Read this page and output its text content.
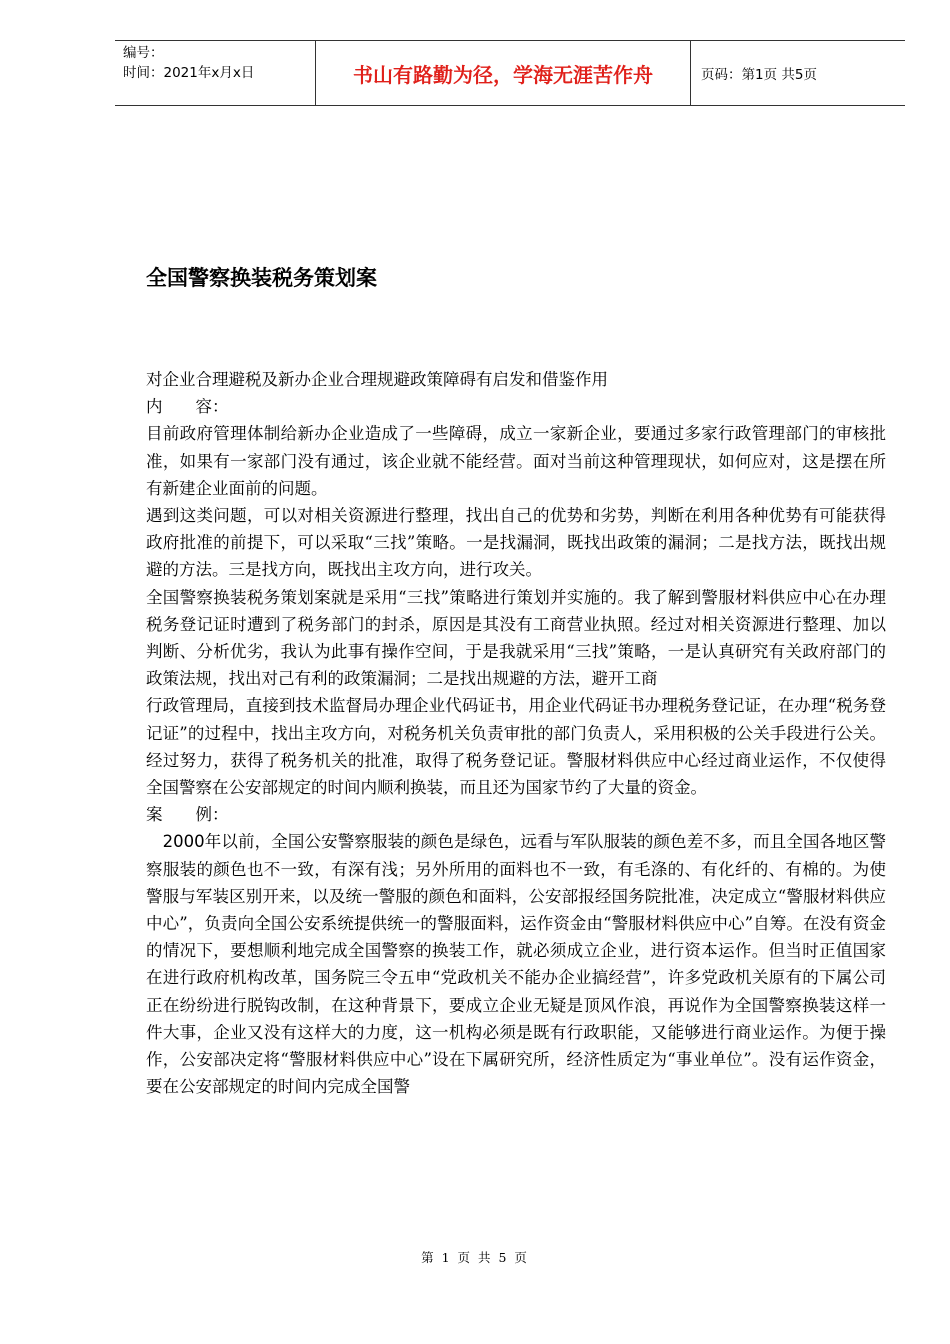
编号：
时间：2021年x月x日	书山有路勤为径，学海无涯苦作舟	页码：第1页 共5页
全国警察换装税务策划案

对企业合理避税及新办企业合理规避政策障碍有启发和借鉴作用

内　　容：

目前政府管理体制给新办企业造成了一些障碍，成立一家新企业，要通过多家行政管理部门的审核批准，如果有一家部门没有通过，该企业就不能经营。面对当前这种管理现状，如何应对，这是摆在所有新建企业面前的问题。

遇到这类问题，可以对相关资源进行整理，找出自己的优势和劣势，判断在利用各种优势有可能获得政府批准的前提下，可以采取“三找”策略。一是找漏洞，既找出政策的漏洞；二是找方法，既找出规避的方法。三是找方向，既找出主攻方向，进行攻关。

全国警察换装税务策划案就是采用“三找”策略进行策划并实施的。我了解到警服材料供应中心在办理税务登记证时遭到了税务部门的封杀，原因是其没有工商营业执照。经过对相关资源进行整理、加以判断、分析优劣，我认为此事有操作空间，于是我就采用“三找”策略，一是认真研究有关政府部门的政策法规，找出对己有利的政策漏洞；二是找出规避的方法，避开工商

行政管理局，直接到技术监督局办理企业代码证书，用企业代码证书办理税务登记证，在办理“税务登记证”的过程中，找出主攻方向，对税务机关负责审批的部门负责人，采用积极的公关手段进行公关。经过努力，获得了税务机关的批准，取得了税务登记证。警服材料供应中心经过商业运作，不仅使得全国警察在公安部规定的时间内顺利换装，而且还为国家节约了大量的资金。

案　　例：

　2000年以前，全国公安警察服装的颜色是绿色，远看与军队服装的颜色差不多，而且全国各地区警察服装的颜色也不一致，有深有浅；另外所用的面料也不一致，有毛涤的、有化纤的、有棉的。为使警服与军装区别开来，以及统一警服的颜色和面料，公安部报经国务院批准，决定成立“警服材料供应中心”，负责向全国公安系统提供统一的警服面料，运作资金由“警服材料供应中心”自筹。在没有资金的情况下，要想顺利地完成全国警察的换装工作，就必须成立企业，进行资本运作。但当时正值国家在进行政府机构改革，国务院三令五申“党政机关不能办企业搞经营”，许多党政机关原有的下属公司正在纷纷进行脱钩改制，在这种背景下，要成立企业无疑是顶风作浪，再说作为全国警察换装这样一件大事，企业又没有这样大的力度，这一机构必须是既有行政职能，又能够进行商业运作。为便于操作，公安部决定将“警服材料供应中心”设在下属研究所，经济性质定为“事业单位”。没有运作资金，要在公安部规定的时间内完成全国警

第 1 页 共 5 页
